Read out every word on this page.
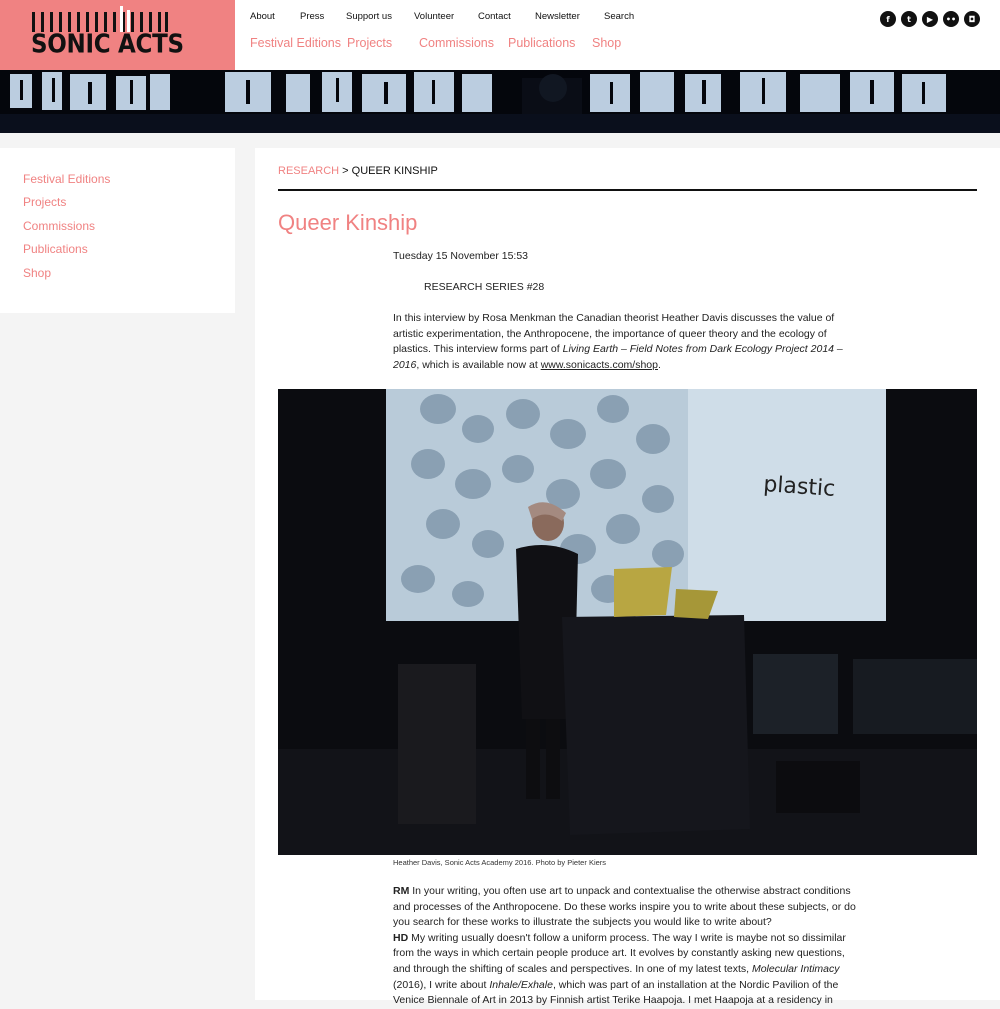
SONIC ACTS
About	Press Support us Volunteer	Contact	Newsletter	Search
Festival Editions Projects Commissions Publications Shop
f	t	▶	••	◘
Festival Editions
Projects
Commissions
Publications
Shop
RESEARCH > QUEER KINSHIP
Queer Kinship
Tuesday 15 November 15:53
RESEARCH SERIES #28

In this interview by Rosa Menkman the Canadian theorist Heather Davis discusses the value of artistic experimentation, the Anthropocene, the importance of queer theory and the ecology of plastics. This interview forms part of Living Earth – Field Notes from Dark Ecology Project 2014 – 2016, which is available now at www.sonicacts.com/shop.

plastic
Heather Davis, Sonic Acts Academy 2016. Photo by Pieter Kiers

RM In your writing, you often use art to unpack and contextualise the otherwise abstract conditions and processes of the Anthropocene. Do these works inspire you to write about these subjects, or do you search for these works to illustrate the subjects you would like to write about?
HD My writing usually doesn't follow a uniform process. The way I write is maybe not so dissimilar from the ways in which certain people produce art. It evolves by constantly asking new questions, and through the shifting of scales and perspectives. In one of my latest texts, Molecular Intimacy (2016), I write about Inhale/Exhale, which was part of an installation at the Nordic Pavilion of the Venice Biennale of Art in 2013 by Finnish artist Terike Haapoja. I met Haapoja at a residency in
